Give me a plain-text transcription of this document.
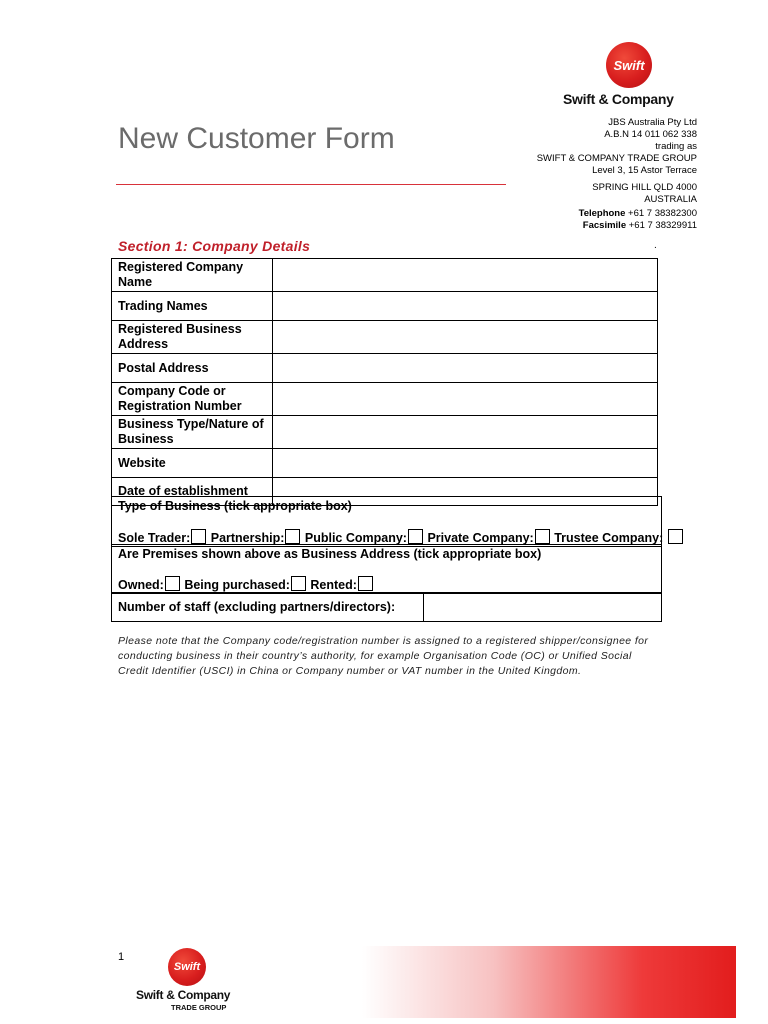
Swift
Swift & Company
New Customer Form	JBS Australia Pty Ltd
A.B.N 14 011 062 338
trading as
SWIFT & COMPANY TRADE GROUP
Level 3, 15 Astor Terrace
SPRING HILL QLD 4000
AUSTRALIA
Telephone +61 7 38382300
Facsimile +61 7 38329911
Section 1: Company Details	.
Registered Company Name	
Trading Names	
Registered Business Address	
Postal Address	
Company Code or Registration Number	
Business Type/Nature of Business	
Website	
Date of establishment	
Type of Business (tick appropriate box)
Sole Trader: Partnership: Public Company: Private Company: Trustee Company:
Are Premises shown above as Business Address (tick appropriate box)
Owned: Being purchased: Rented:
Number of staff (excluding partners/directors):
Please note that the Company code/registration number is assigned to a registered shipper/consignee for conducting business in their country’s authority, for example Organisation Code (OC) or Unified Social Credit Identifier (USCI) in China or Company number or VAT number in the United Kingdom.
1
Swift
Swift & Company
TRADE GROUP
